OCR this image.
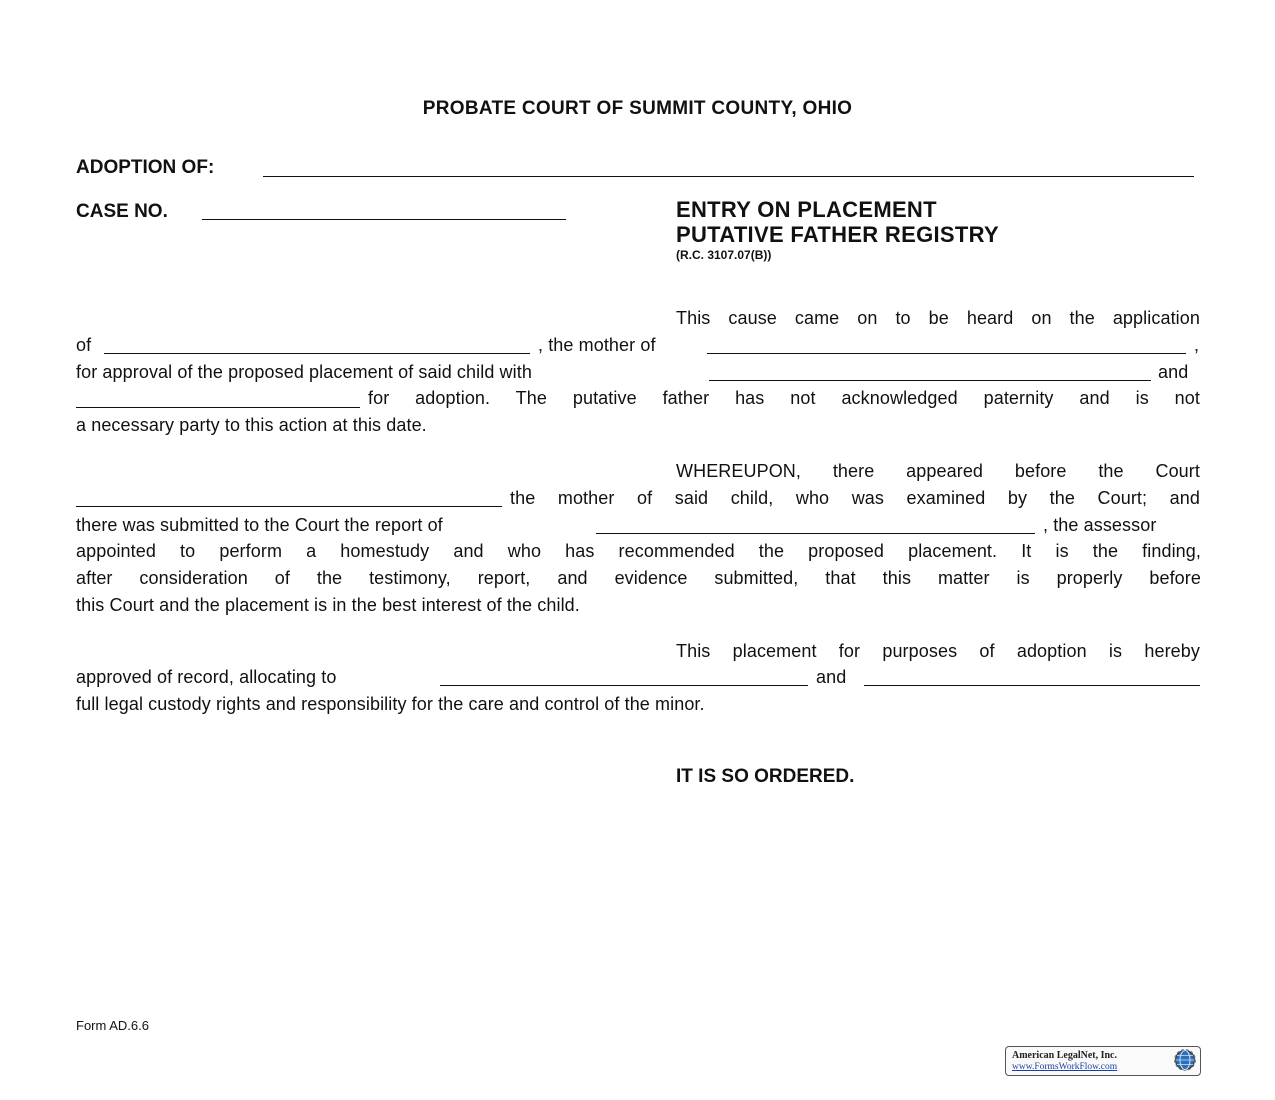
PROBATE COURT OF SUMMIT COUNTY, OHIO
ADOPTION OF:
CASE NO.	ENTRY ON PLACEMENT
PUTATIVE FATHER REGISTRY
(R.C. 3107.07(B))
This cause came on to be heard on the application
of	, the mother of	,
for approval of the proposed placement of said child with	and
for adoption. The putative father has not acknowledged paternity and is not
a necessary party to this action at this date.
WHEREUPON, there appeared before the Court
the mother of said child, who was examined by the Court; and
there was submitted to the Court the report of	, the assessor
appointed to perform a homestudy and who has recommended the proposed placement. It is the finding,
after consideration of the testimony, report, and evidence submitted, that this matter is properly before
this Court and the placement is in the best interest of the child.
This placement for purposes of adoption is hereby
approved of record, allocating to	and
full legal custody rights and responsibility for the care and control of the minor.
IT IS SO ORDERED.
Form AD.6.6
American LegalNet, Inc.
www.FormsWorkFlow.com
